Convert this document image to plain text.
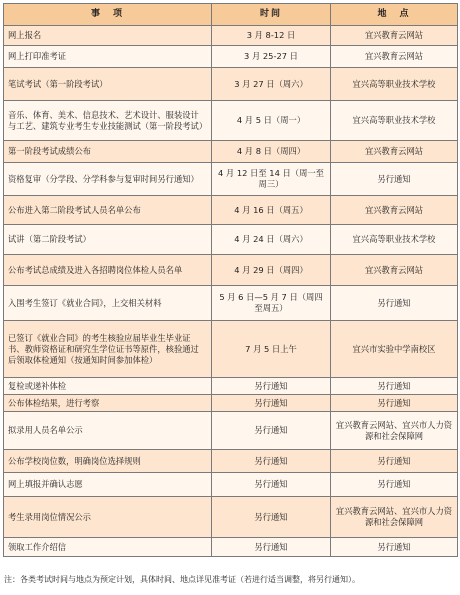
事　项	时间	地　点
网上报名	3 月 8-12 日	宜兴教育云网站
网上打印准考证	3 月 25-27 日	宜兴教育云网站
笔试考试（第一阶段考试）	3 月 27 日（周六）	宜兴高等职业技术学校
音乐、体育、美术、信息技术、艺术设计、服装设计与工艺、建筑专业考生专业技能测试（第一阶段考试）	4 月 5 日（周一）	宜兴高等职业技术学校
第一阶段考试成绩公布	4 月 8 日（周四）	宜兴教育云网站
资格复审（分学段、分学科参与复审时间另行通知）	4 月 12 日至 14 日（周一至周三）	另行通知
公布进入第二阶段考试人员名单公布	4 月 16 日（周五）	宜兴教育云网站
试讲（第二阶段考试）	4 月 24 日（周六）	宜兴高等职业技术学校
公布考试总成绩及进入各招聘岗位体检人员名单	4 月 29 日（周四）	宜兴教育云网站
入围考生签订《就业合同》，上交相关材料	5 月 6 日—5 月 7 日（周四至周五）	另行通知
已签订《就业合同》的考生核验应届毕业生毕业证书、教师资格证和研究生学位证书等原件，核验通过后领取体检通知（按通知时间参加体检）	7 月 5 日上午	宜兴市实验中学南校区
复检或递补体检	另行通知	另行通知
公布体检结果，进行考察	另行通知	另行通知
拟录用人员名单公示	另行通知	宜兴教育云网站、宜兴市人力资源和社会保障网
公布学校岗位数，明确岗位选择规则	另行通知	另行通知
网上填报并确认志愿	另行通知	另行通知
考生录用岗位情况公示	另行通知	宜兴教育云网站、宜兴市人力资源和社会保障网
领取工作介绍信	另行通知	另行通知
注：各类考试时间与地点为预定计划，具体时间、地点详见准考证（若进行适当调整，将另行通知）。
